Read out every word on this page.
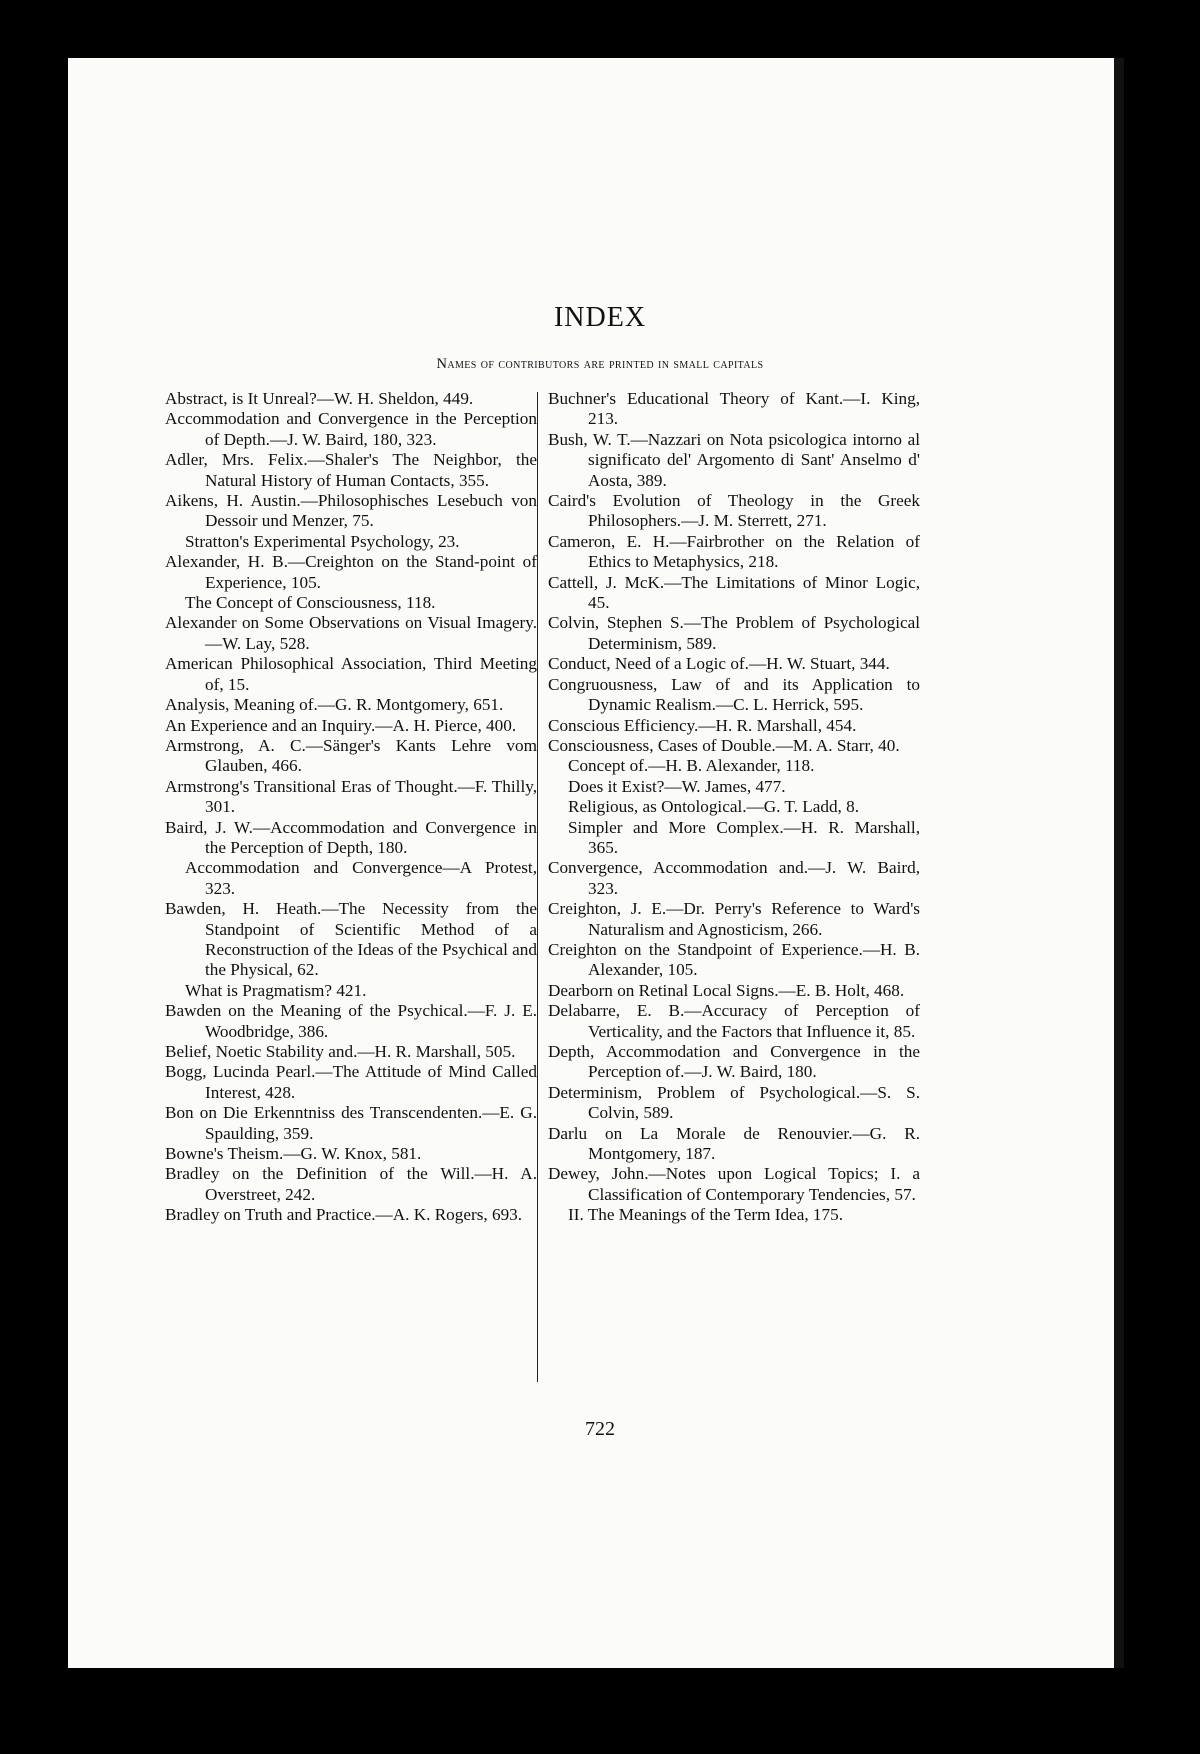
INDEX
Names of contributors are printed in small capitals

Abstract, is It Unreal?—W. H. Sheldon, 449.

Accommodation and Convergence in the Perception of Depth.—J. W. Baird, 180, 323.

Adler, Mrs. Felix.—Shaler's The Neighbor, the Natural History of Human Contacts, 355.

Aikens, H. Austin.—Philosophisches Lesebuch von Dessoir und Menzer, 75.

Stratton's Experimental Psychology, 23.

Alexander, H. B.—Creighton on the Stand-point of Experience, 105.

The Concept of Consciousness, 118.

Alexander on Some Observations on Visual Imagery.—W. Lay, 528.

American Philosophical Association, Third Meeting of, 15.

Analysis, Meaning of.—G. R. Montgomery, 651.

An Experience and an Inquiry.—A. H. Pierce, 400.

Armstrong, A. C.—Sänger's Kants Lehre vom Glauben, 466.

Armstrong's Transitional Eras of Thought.—F. Thilly, 301.

Baird, J. W.—Accommodation and Convergence in the Perception of Depth, 180.

Accommodation and Convergence—A Protest, 323.

Bawden, H. Heath.—The Necessity from the Standpoint of Scientific Method of a Reconstruction of the Ideas of the Psychical and the Physical, 62.

What is Pragmatism? 421.

Bawden on the Meaning of the Psychical.—F. J. E. Woodbridge, 386.

Belief, Noetic Stability and.—H. R. Marshall, 505.

Bogg, Lucinda Pearl.—The Attitude of Mind Called Interest, 428.

Bon on Die Erkenntniss des Transcendenten.—E. G. Spaulding, 359.

Bowne's Theism.—G. W. Knox, 581.

Bradley on the Definition of the Will.—H. A. Overstreet, 242.

Bradley on Truth and Practice.—A. K. Rogers, 693.

Buchner's Educational Theory of Kant.—I. King, 213.

Bush, W. T.—Nazzari on Nota psicologica intorno al significato del' Argomento di Sant' Anselmo d' Aosta, 389.

Caird's Evolution of Theology in the Greek Philosophers.—J. M. Sterrett, 271.

Cameron, E. H.—Fairbrother on the Relation of Ethics to Metaphysics, 218.

Cattell, J. McK.—The Limitations of Minor Logic, 45.

Colvin, Stephen S.—The Problem of Psychological Determinism, 589.

Conduct, Need of a Logic of.—H. W. Stuart, 344.

Congruousness, Law of and its Application to Dynamic Realism.—C. L. Herrick, 595.

Conscious Efficiency.—H. R. Marshall, 454.

Consciousness, Cases of Double.—M. A. Starr, 40.

Concept of.—H. B. Alexander, 118.

Does it Exist?—W. James, 477.

Religious, as Ontological.—G. T. Ladd, 8.

Simpler and More Complex.—H. R. Marshall, 365.

Convergence, Accommodation and.—J. W. Baird, 323.

Creighton, J. E.—Dr. Perry's Reference to Ward's Naturalism and Agnosticism, 266.

Creighton on the Standpoint of Experience.—H. B. Alexander, 105.

Dearborn on Retinal Local Signs.—E. B. Holt, 468.

Delabarre, E. B.—Accuracy of Perception of Verticality, and the Factors that Influence it, 85.

Depth, Accommodation and Convergence in the Perception of.—J. W. Baird, 180.

Determinism, Problem of Psychological.—S. S. Colvin, 589.

Darlu on La Morale de Renouvier.—G. R. Montgomery, 187.

Dewey, John.—Notes upon Logical Topics; I. a Classification of Contemporary Tendencies, 57.

II. The Meanings of the Term Idea, 175.

722
